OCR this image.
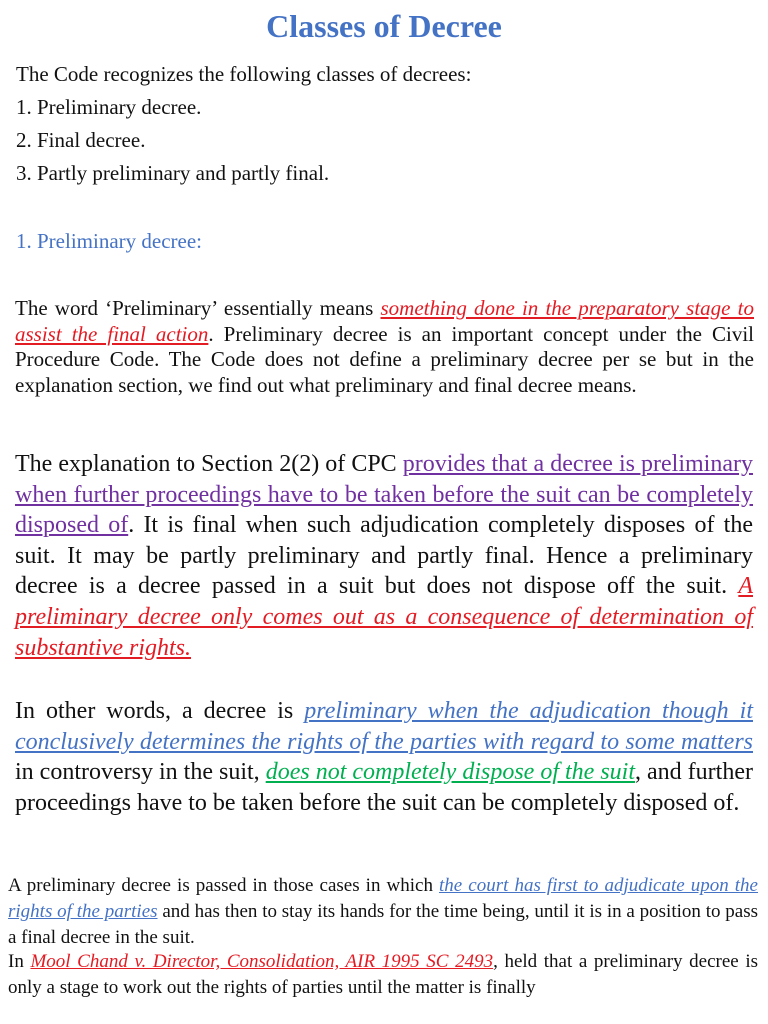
Classes of Decree
The Code recognizes the following classes of decrees:
1. Preliminary decree.
2. Final decree.
3. Partly preliminary and partly final.
1. Preliminary decree:

The word ‘Preliminary’ essentially means something done in the preparatory stage to assist the final action. Preliminary decree is an important concept under the Civil Procedure Code. The Code does not define a preliminary decree per se but in the explanation section, we find out what preliminary and final decree means.

The explanation to Section 2(2) of CPC provides that a decree is preliminary when further proceedings have to be taken before the suit can be completely disposed of. It is final when such adjudication completely disposes of the suit. It may be partly preliminary and partly final. Hence a preliminary decree is a decree passed in a suit but does not dispose off the suit. A preliminary decree only comes out as a consequence of determination of substantive rights.

In other words, a decree is preliminary when the adjudication though it conclusively determines the rights of the parties with regard to some matters in controversy in the suit, does not completely dispose of the suit, and further proceedings have to be taken before the suit can be completely disposed of.

A preliminary decree is passed in those cases in which the court has first to adjudicate upon the rights of the parties and has then to stay its hands for the time being, until it is in a position to pass a final decree in the suit.

In Mool Chand v. Director, Consolidation, AIR 1995 SC 2493, held that a preliminary decree is only a stage to work out the rights of parties until the matter is finally
